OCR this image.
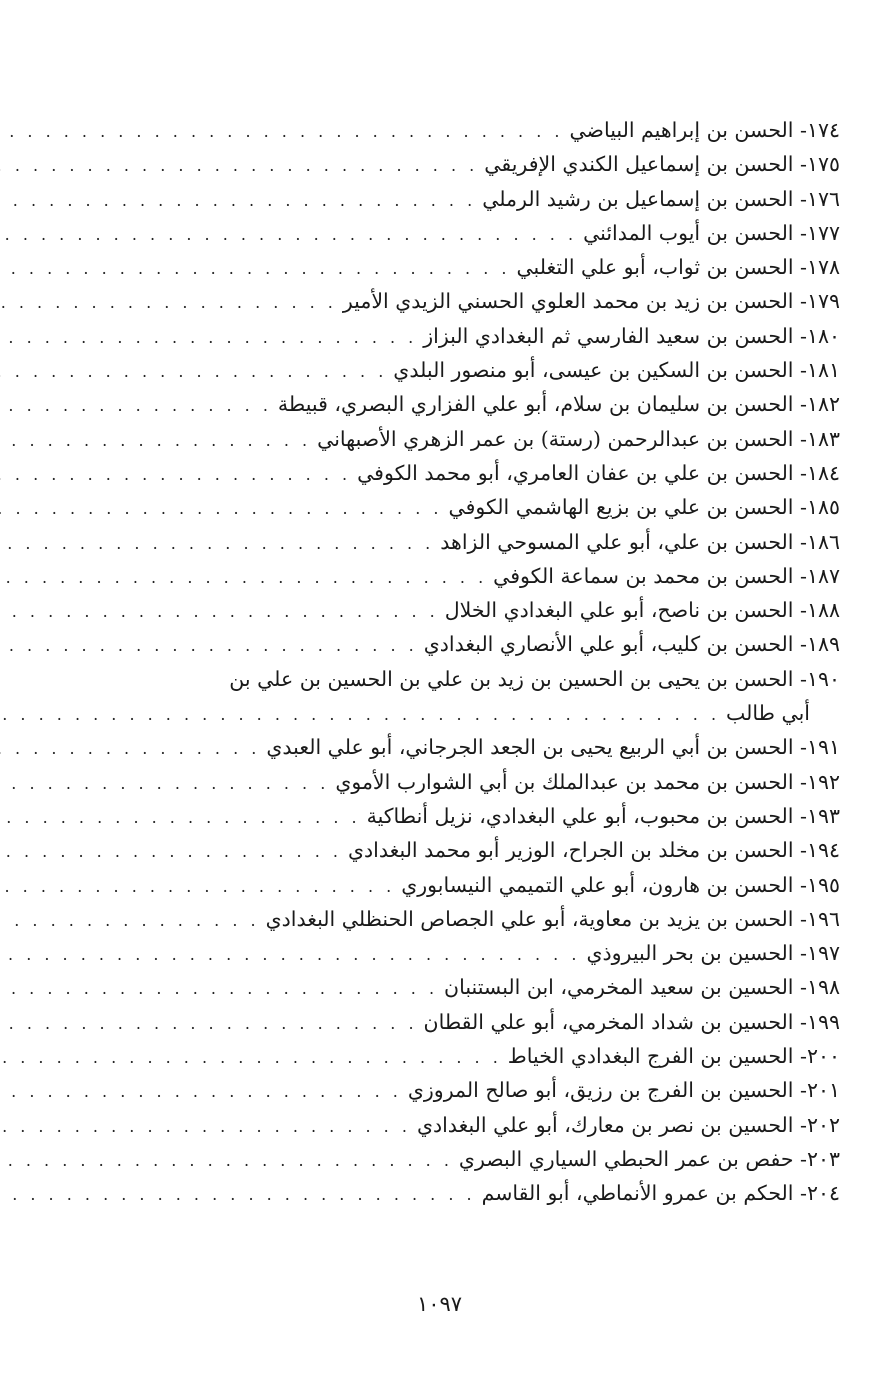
١٧٤- الحسن بن إبراهيم البياضي
. . .
١٧٥- الحسن بن إسماعيل الكندي الإفريقي
. . .
١٧٦- الحسن بن إسماعيل بن رشيد الرملي
. . .
١٧٧- الحسن بن أيوب المدائني
. . .
١٧٨- الحسن بن ثواب، أبو علي التغلبي
. . .
١٧٩- الحسن بن زيد بن محمد العلوي الحسني الزيدي الأمير
. . .
١٨٠- الحسن بن سعيد الفارسي ثم البغدادي البزاز
. . .
١٨١- الحسن بن السكين بن عيسى، أبو منصور البلدي
. . .
١٨٢- الحسن بن سليمان بن سلام، أبو علي الفزاري البصري، قبيطة
. . .
١٨٣- الحسن بن عبدالرحمن (رستة) بن عمر الزهري الأصبهاني
. . .
١٨٤- الحسن بن علي بن عفان العامري، أبو محمد الكوفي
. . .
١٨٥- الحسن بن علي بن بزيع الهاشمي الكوفي
. . .
١٨٦- الحسن بن علي، أبو علي المسوحي الزاهد
. . .
١٨٧- الحسن بن محمد بن سماعة الكوفي
. . .
١٨٨- الحسن بن ناصح، أبو علي البغدادي الخلال
. . .
١٨٩- الحسن بن كليب، أبو علي الأنصاري البغدادي
. . .
١٩٠- الحسن بن يحيى بن الحسين بن زيد بن علي بن الحسين بن علي بن
أبي طالب
. . .
١٩١- الحسن بن أبي الربيع يحيى بن الجعد الجرجاني، أبو علي العبدي
. . .
١٩٢- الحسن بن محمد بن عبدالملك بن أبي الشوارب الأموي
. . .
١٩٣- الحسن بن محبوب، أبو علي البغدادي، نزيل أنطاكية
. . .
١٩٤- الحسن بن مخلد بن الجراح، الوزير أبو محمد البغدادي
. . .
١٩٥- الحسن بن هارون، أبو علي التميمي النيسابوري
. . .
١٩٦- الحسن بن يزيد بن معاوية، أبو علي الجصاص الحنظلي البغدادي
. . .
١٩٧- الحسين بن بحر البيروذي
. . .
١٩٨- الحسين بن سعيد المخرمي، ابن البستنبان
. . .
١٩٩- الحسين بن شداد المخرمي، أبو علي القطان
. . .
٢٠٠- الحسين بن الفرج البغدادي الخياط
. . .
٢٠١- الحسين بن الفرج بن رزيق، أبو صالح المروزي
. . .
٢٠٢- الحسين بن نصر بن معارك، أبو علي البغدادي
. . .
٢٠٣- حفص بن عمر الحبطي السياري البصري
. . .
٢٠٤- الحكم بن عمرو الأنماطي، أبو القاسم
. . .
١٠٩٧
